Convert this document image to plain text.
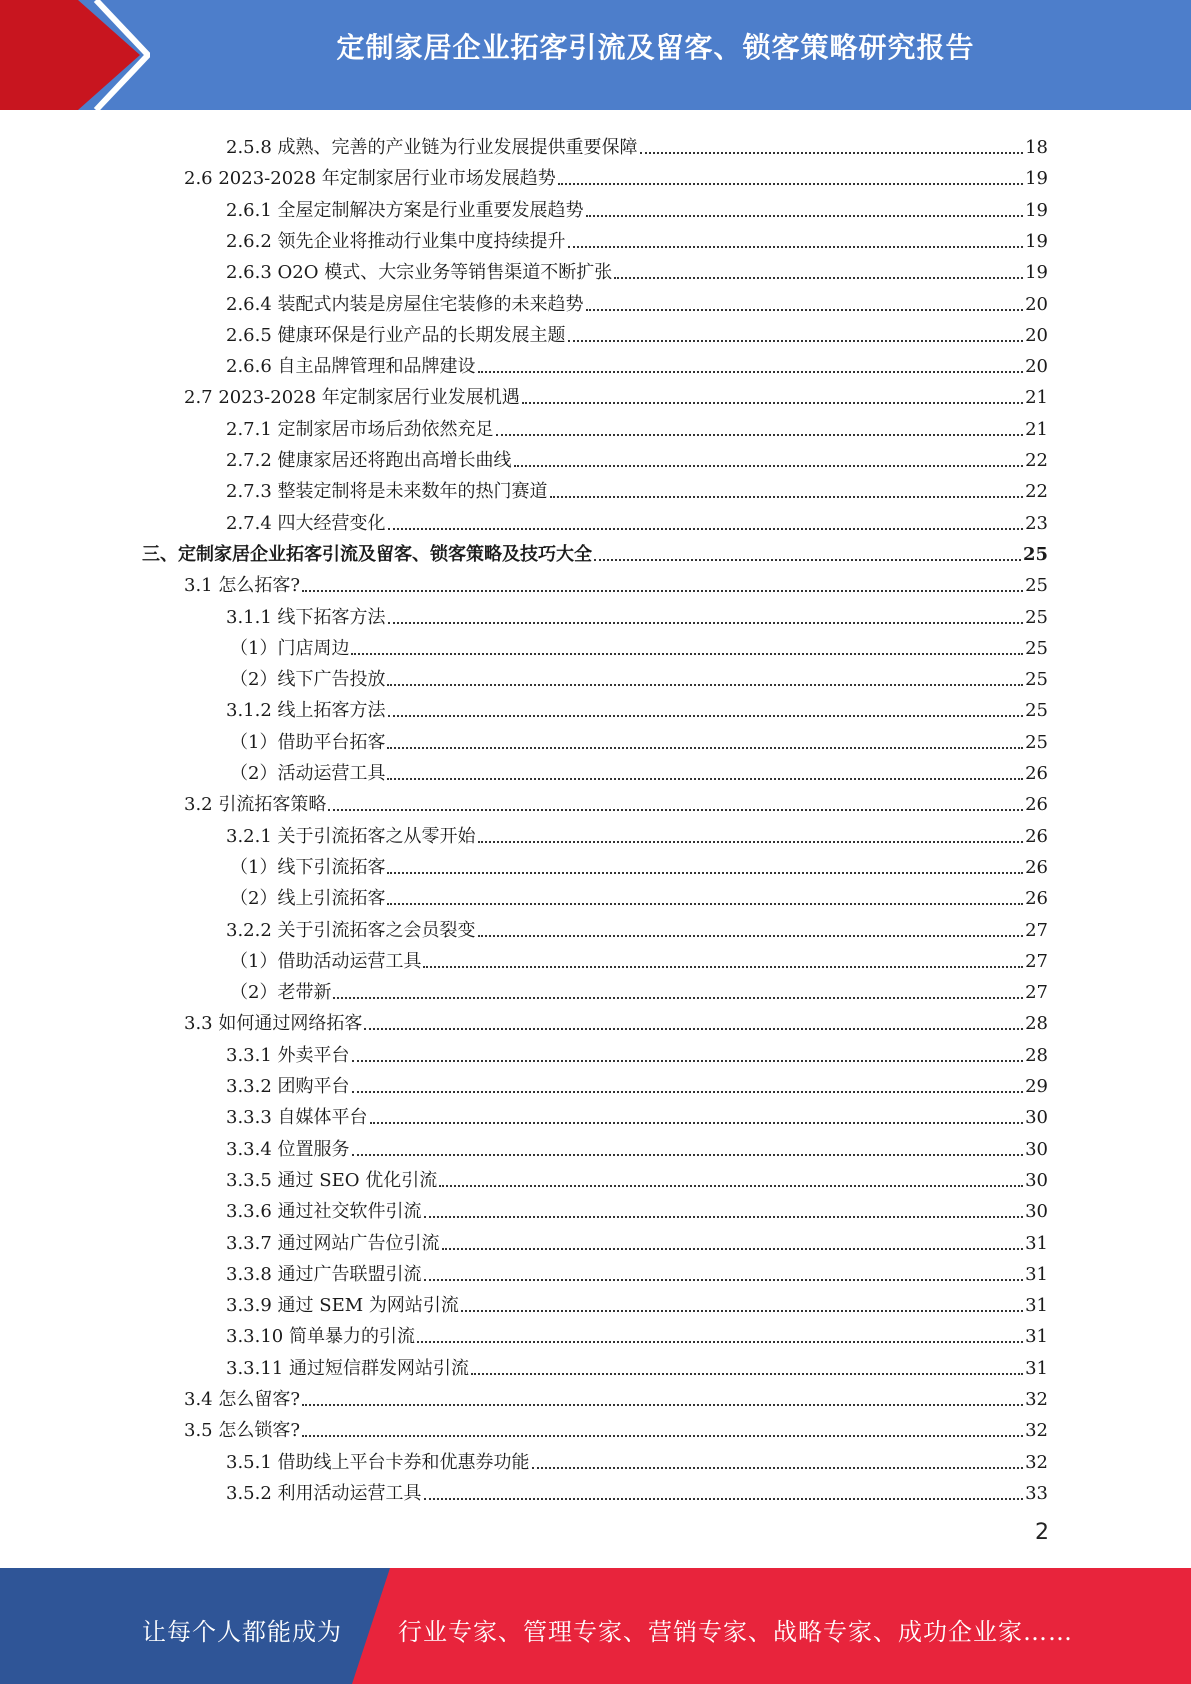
定制家居企业拓客引流及留客、锁客策略研究报告
2.5.8 成熟、完善的产业链为行业发展提供重要保障	18
2.6 2023-2028 年定制家居行业市场发展趋势	19
2.6.1 全屋定制解决方案是行业重要发展趋势	19
2.6.2 领先企业将推动行业集中度持续提升	19
2.6.3 O2O 模式、大宗业务等销售渠道不断扩张	19
2.6.4 装配式内装是房屋住宅装修的未来趋势	20
2.6.5 健康环保是行业产品的长期发展主题	20
2.6.6 自主品牌管理和品牌建设	20
2.7 2023-2028 年定制家居行业发展机遇	21
2.7.1 定制家居市场后劲依然充足	21
2.7.2 健康家居还将跑出高增长曲线	22
2.7.3 整装定制将是未来数年的热门赛道	22
2.7.4 四大经营变化	23
三、定制家居企业拓客引流及留客、锁客策略及技巧大全	25
3.1 怎么拓客?	25
3.1.1 线下拓客方法	25
（1）门店周边	25
（2）线下广告投放	25
3.1.2 线上拓客方法	25
（1）借助平台拓客	25
（2）活动运营工具	26
3.2 引流拓客策略	26
3.2.1 关于引流拓客之从零开始	26
（1）线下引流拓客	26
（2）线上引流拓客	26
3.2.2 关于引流拓客之会员裂变	27
（1）借助活动运营工具	27
（2）老带新	27
3.3 如何通过网络拓客	28
3.3.1 外卖平台	28
3.3.2 团购平台	29
3.3.3 自媒体平台	30
3.3.4 位置服务	30
3.3.5 通过 SEO 优化引流	30
3.3.6 通过社交软件引流	30
3.3.7 通过网站广告位引流	31
3.3.8 通过广告联盟引流	31
3.3.9 通过 SEM 为网站引流	31
3.3.10 简单暴力的引流	31
3.3.11 通过短信群发网站引流	31
3.4 怎么留客?	32
3.5 怎么锁客?	32
3.5.1 借助线上平台卡券和优惠券功能	32
3.5.2 利用活动运营工具	33
2
让每个人都能成为 行业专家、管理专家、营销专家、战略专家、成功企业家……
